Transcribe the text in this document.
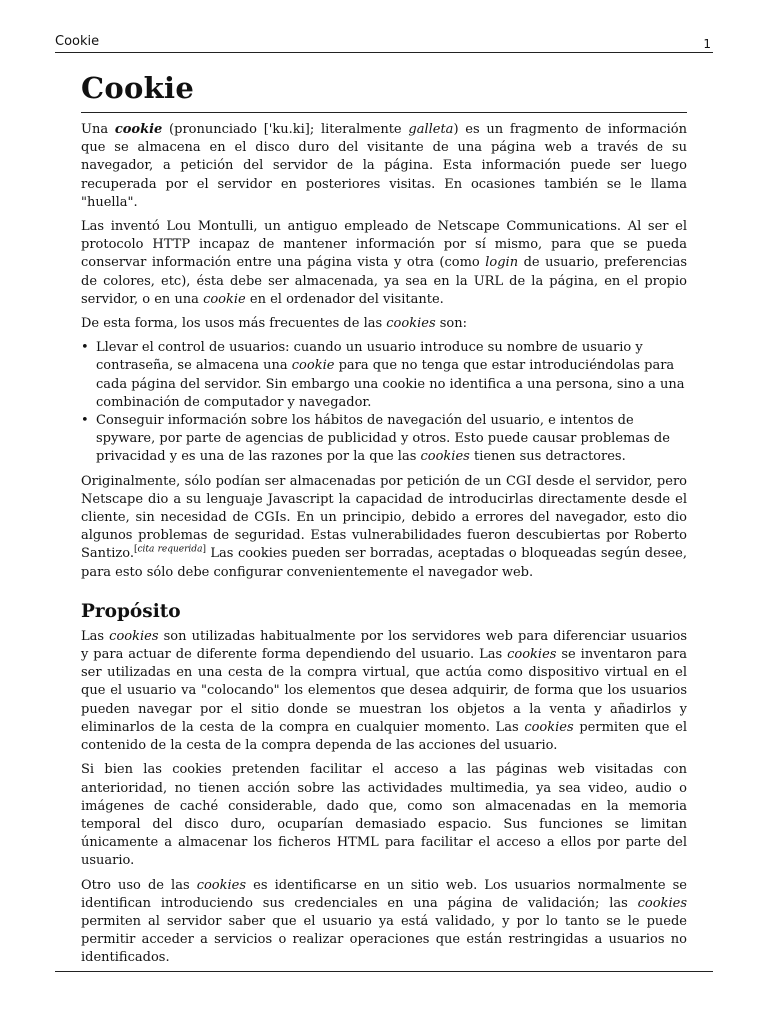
Cookie	1
Cookie

Una cookie (pronunciado ['ku.ki]; literalmente galleta) es un fragmento de información que se almacena en el disco duro del visitante de una página web a través de su navegador, a petición del servidor de la página. Esta información puede ser luego recuperada por el servidor en posteriores visitas. En ocasiones también se le llama "huella".

Las inventó Lou Montulli, un antiguo empleado de Netscape Communications. Al ser el protocolo HTTP incapaz de mantener información por sí mismo, para que se pueda conservar información entre una página vista y otra (como login de usuario, preferencias de colores, etc), ésta debe ser almacenada, ya sea en la URL de la página, en el propio servidor, o en una cookie en el ordenador del visitante.

De esta forma, los usos más frecuentes de las cookies son:

• Llevar el control de usuarios: cuando un usuario introduce su nombre de usuario y contraseña, se almacena una cookie para que no tenga que estar introduciéndolas para cada página del servidor. Sin embargo una cookie no identifica a una persona, sino a una combinación de computador y navegador.
• Conseguir información sobre los hábitos de navegación del usuario, e intentos de spyware, por parte de agencias de publicidad y otros. Esto puede causar problemas de privacidad y es una de las razones por la que las cookies tienen sus detractores.

Originalmente, sólo podían ser almacenadas por petición de un CGI desde el servidor, pero Netscape dio a su lenguaje Javascript la capacidad de introducirlas directamente desde el cliente, sin necesidad de CGIs. En un principio, debido a errores del navegador, esto dio algunos problemas de seguridad. Estas vulnerabilidades fueron descubiertas por Roberto Santizo.[cita requerida] Las cookies pueden ser borradas, aceptadas o bloqueadas según desee, para esto sólo debe configurar convenientemente el navegador web.

Propósito

Las cookies son utilizadas habitualmente por los servidores web para diferenciar usuarios y para actuar de diferente forma dependiendo del usuario. Las cookies se inventaron para ser utilizadas en una cesta de la compra virtual, que actúa como dispositivo virtual en el que el usuario va "colocando" los elementos que desea adquirir, de forma que los usuarios pueden navegar por el sitio donde se muestran los objetos a la venta y añadirlos y eliminarlos de la cesta de la compra en cualquier momento. Las cookies permiten que el contenido de la cesta de la compra dependa de las acciones del usuario.

Si bien las cookies pretenden facilitar el acceso a las páginas web visitadas con anterioridad, no tienen acción sobre las actividades multimedia, ya sea video, audio o imágenes de caché considerable, dado que, como son almacenadas en la memoria temporal del disco duro, ocuparían demasiado espacio. Sus funciones se limitan únicamente a almacenar los ficheros HTML para facilitar el acceso a ellos por parte del usuario.

Otro uso de las cookies es identificarse en un sitio web. Los usuarios normalmente se identifican introduciendo sus credenciales en una página de validación; las cookies permiten al servidor saber que el usuario ya está validado, y por lo tanto se le puede permitir acceder a servicios o realizar operaciones que están restringidas a usuarios no identificados.
